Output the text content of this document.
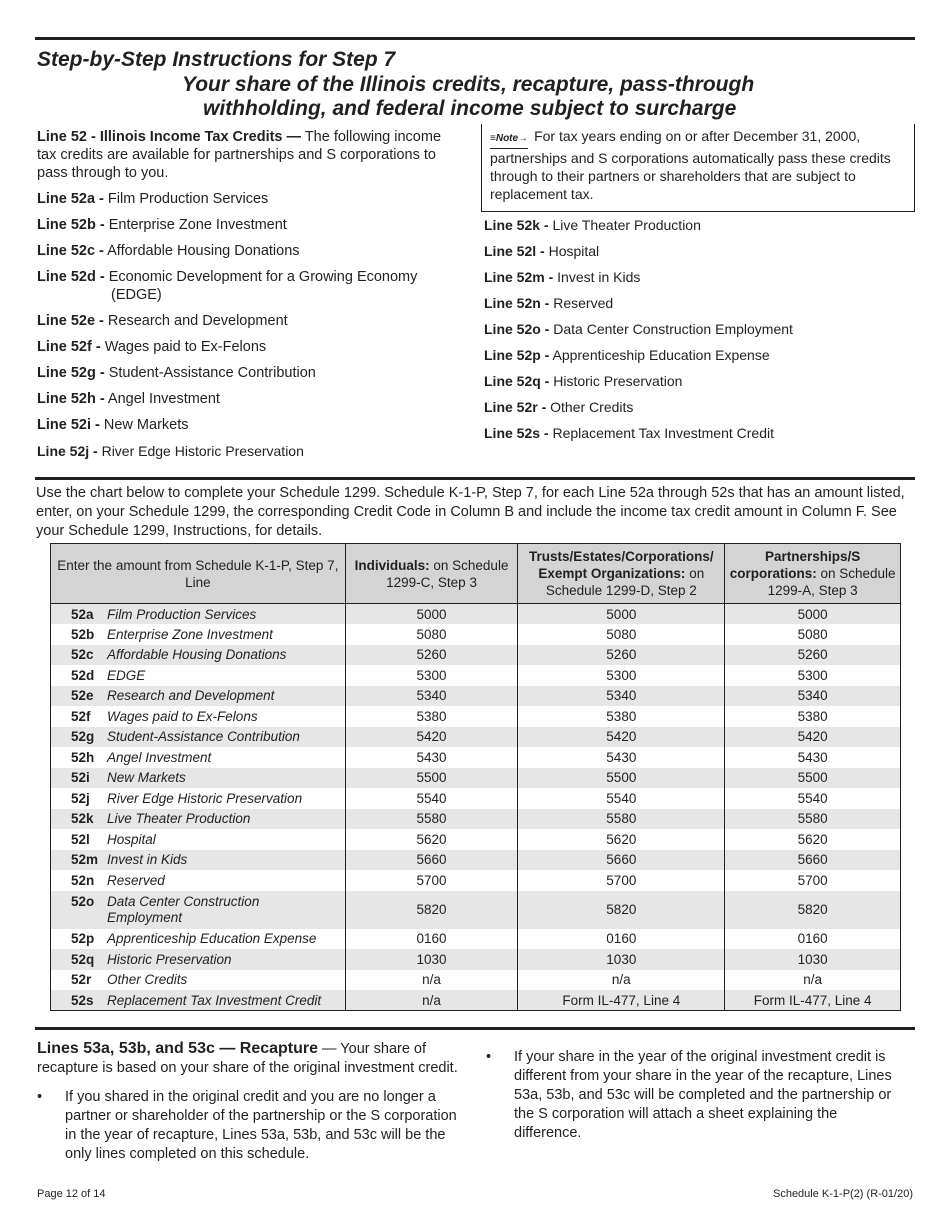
Step-by-Step Instructions for Step 7
Your share of the Illinois credits, recapture, pass-through
withholding, and federal income subject to surcharge

Line 52 - Illinois Income Tax Credits — The following income tax credits are available for partnerships and S corporations to pass through to you.

Line 52a - Film Production Services

Line 52b - Enterprise Zone Investment

Line 52c - Affordable Housing Donations

Line 52d - Economic Development for a Growing Economy
(EDGE)

Line 52e - Research and Development

Line 52f - Wages paid to Ex-Felons

Line 52g - Student-Assistance Contribution

Line 52h - Angel Investment

Line 52i - New Markets

Line 52j - River Edge Historic Preservation

≡Note→ For tax years ending on or after December 31, 2000, partnerships and S corporations automatically pass these credits through to their partners or shareholders that are subject to replacement tax.

Line 52k - Live Theater Production

Line 52l - Hospital

Line 52m - Invest in Kids

Line 52n - Reserved

Line 52o - Data Center Construction Employment

Line 52p - Apprenticeship Education Expense

Line 52q - Historic Preservation

Line 52r - Other Credits

Line 52s - Replacement Tax Investment Credit

Use the chart below to complete your Schedule 1299. Schedule K-1-P, Step 7, for each Line 52a through 52s that has an amount listed, enter, on your Schedule 1299, the corresponding Credit Code in Column B and include the income tax credit amount in Column F. See your Schedule 1299, Instructions, for details.
Enter the amount from Schedule K-1-P, Step 7, Line	Individuals: on Schedule 1299-C, Step 3	Trusts/Estates/Corporations/ Exempt Organizations: on Schedule 1299-D, Step 2	Partnerships/S corporations: on Schedule 1299-A, Step 3

52a Film Production Services	5000	5000	5000

52b Enterprise Zone Investment	5080	5080	5080

52c Affordable Housing Donations	5260	5260	5260

52d EDGE	5300	5300	5300

52e Research and Development	5340	5340	5340

52f Wages paid to Ex-Felons	5380	5380	5380

52g Student-Assistance Contribution	5420	5420	5420

52h Angel Investment	5430	5430	5430

52i New Markets	5500	5500	5500

52j River Edge Historic Preservation	5540	5540	5540

52k Live Theater Production	5580	5580	5580

52l Hospital	5620	5620	5620

52m Invest in Kids	5660	5660	5660

52n Reserved	5700	5700	5700

52o Data Center Construction Employment	5820	5820	5820

52p Apprenticeship Education Expense	0160	0160	0160

52q Historic Preservation	1030	1030	1030

52r Other Credits	n/a	n/a	n/a

52s Replacement Tax Investment Credit	n/a	Form IL-477, Line 4	Form IL-477, Line 4
Lines 53a, 53b, and 53c — Recapture — Your share of recapture is based on your share of the original investment credit.
• If you shared in the original credit and you are no longer a partner or shareholder of the partnership or the S corporation in the year of recapture, Lines 53a, 53b, and 53c will be the only lines completed on this schedule.
• If your share in the year of the original investment credit is different from your share in the year of the recapture, Lines 53a, 53b, and 53c will be completed and the partnership or the S corporation will attach a sheet explaining the difference.
Page 12 of 14	Schedule K-1-P(2) (R-01/20)
